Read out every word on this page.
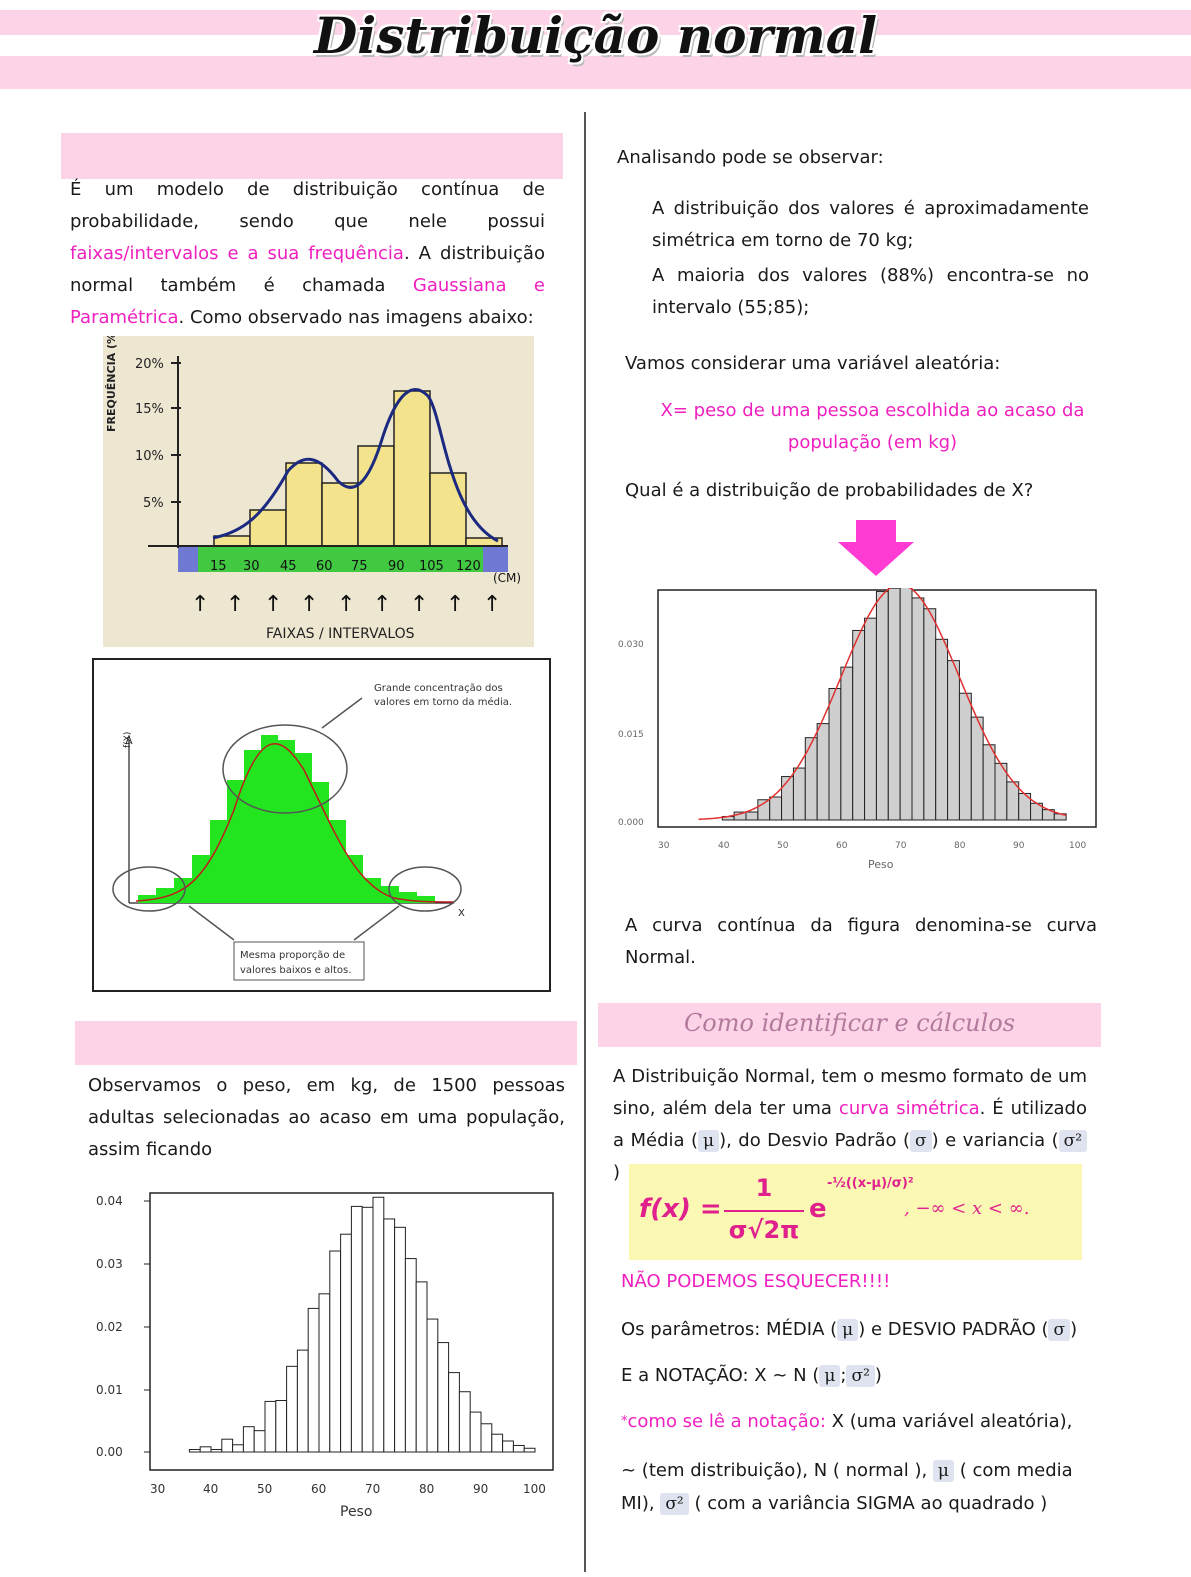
Distribuição normal
É um modelo de distribuição contínua de probabilidade, sendo que nele possui faixas/intervalos e a sua frequência. A distribuição normal também é chamada Gaussiana e Paramétrica. Como observado nas imagens abaixo:
FREQUÊNCIA (%) 20%
15%
10%
5%
15 30 45 60 75 90 105 120
(CM)
↑ ↑ ↑ ↑ ↑ ↑ ↑ ↑ ↑
FAIXAS / INTERVALOS
f(X)
X
Grande concentração dos
valores em torno da média.
Mesma proporção de
valores baixos e altos.
Observamos o peso, em kg, de 1500 pessoas adultas selecionadas ao acaso em uma população, assim ficando
0.04
0.03
0.02
0.01
0.00
30	40	50	60	70	80	90	100
Peso
Analisando pode se observar:
A distribuição dos valores é aproximadamente simétrica em torno de 70 kg;
A maioria dos valores (88%) encontra-se no intervalo (55;85);
Vamos considerar uma variável aleatória:
X= peso de uma pessoa escolhida ao acaso da
população (em kg)
Qual é a distribuição de probabilidades de X?
0.030
0.015
0.000
30	40	50	60	70	80	90	100
Peso
A curva contínua da figura denomina-se curva Normal.
Como identificar e cálculos
A Distribuição Normal, tem o mesmo formato de um sino, além dela ter uma curva simétrica. É utilizado a Média ( μ ), do Desvio Padrão ( σ ) e variancia ( σ²)
f(x) =
1
σ√2π
e
-½((x-μ)/σ)²
, −∞ < x < ∞.
NÃO PODEMOS ESQUECER!!!!
Os parâmetros: MÉDIA ( μ ) e DESVIO PADRÃO ( σ )
E a NOTAÇÃO: X ~ N ( μ ; σ² )
*como se lê a notação: X (uma variável aleatória),
~ (tem distribuição), N ( normal ), μ ( com media
MI), σ² ( com a variância SIGMA ao quadrado )
